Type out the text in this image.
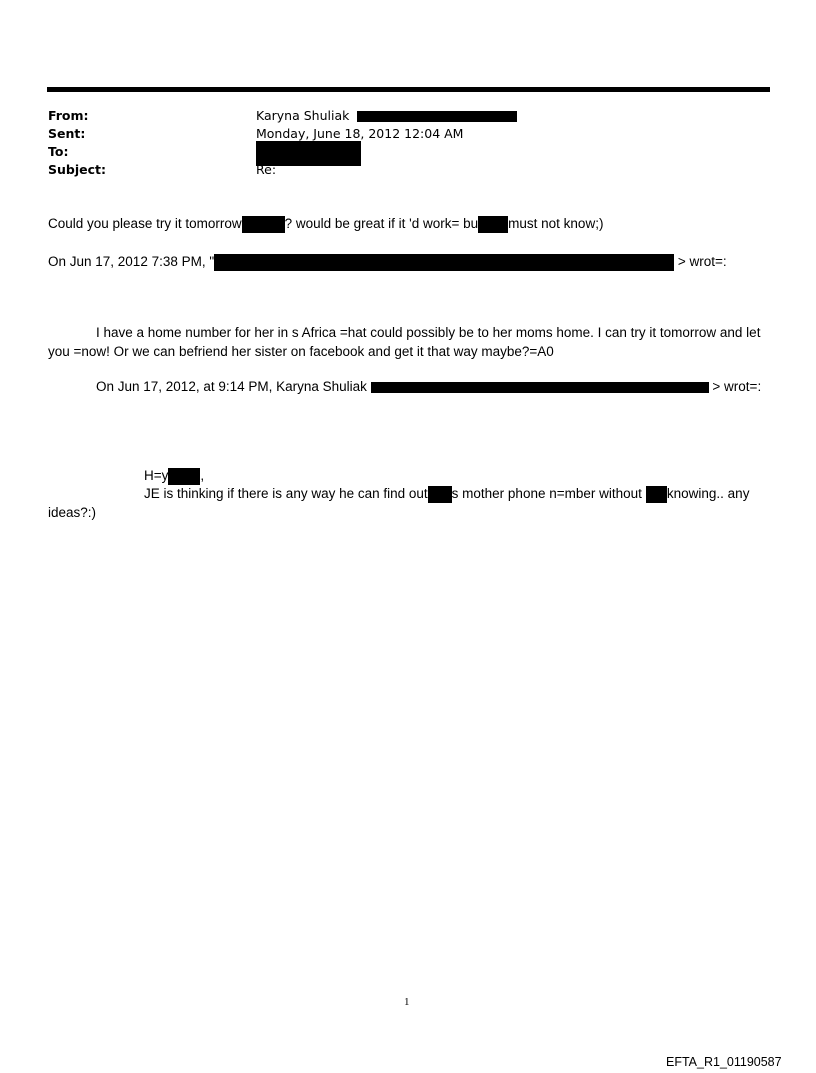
From:	Karyna Shuliak
Sent:	Monday, June 18, 2012 12:04 AM
To:
Subject:	Re:
Could you please try it tomorrow	? would be great if it 'd work= bu must not know;)
On Jun 17, 2012 7:38 PM, "	> wrot=:
I have a home number for her in s Africa =hat could possibly be to her moms home. I can try it tomorrow and let
you =now! Or we can befriend her sister on facebook and get it that way maybe?=A0
On Jun 17, 2012, at 9:14 PM, Karyna Shuliak	> wrot=:
H=y ,
JE is thinking if there is any way he can find out s mother phone n=mber without knowing.. any
ideas?:)
1
EFTA_R1_01190587
